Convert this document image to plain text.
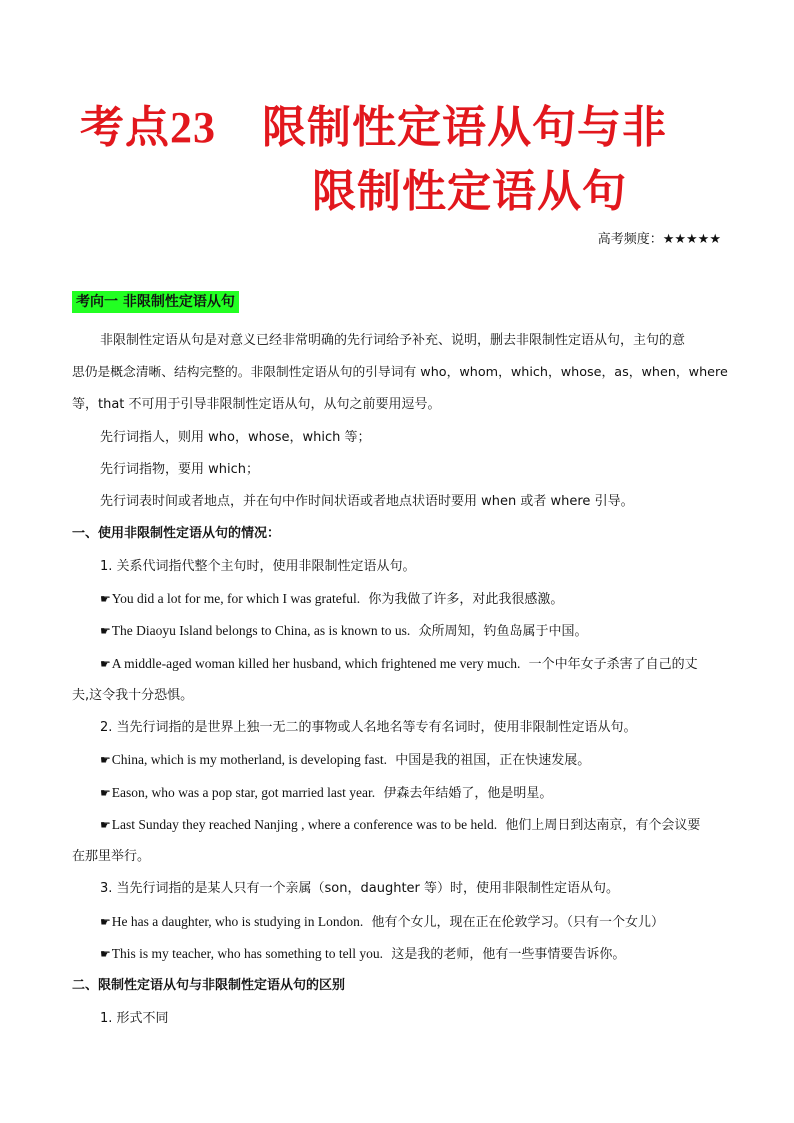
考点23 限制性定语从句与非
限制性定语从句
高考频度：★★★★★
考向一 非限制性定语从句
非限制性定语从句是对意义已经非常明确的先行词给予补充、说明，删去非限制性定语从句，主句的意
思仍是概念清晰、结构完整的。非限制性定语从句的引导词有 who，whom，which，whose，as，when，where
等，that 不可用于引导非限制性定语从句，从句之前要用逗号。
先行词指人，则用 who，whose，which 等；
先行词指物，要用 which；
先行词表时间或者地点，并在句中作时间状语或者地点状语时要用 when 或者 where 引导。
一、使用非限制性定语从句的情况：
1. 关系代词指代整个主句时，使用非限制性定语从句。
☛You did a lot for me, for which I was grateful. 你为我做了许多，对此我很感激。
☛The Diaoyu Island belongs to China, as is known to us. 众所周知，钓鱼岛属于中国。
☛A middle-aged woman killed her husband, which frightened me very much. 一个中年女子杀害了自己的丈
夫,这令我十分恐惧。
2. 当先行词指的是世界上独一无二的事物或人名地名等专有名词时，使用非限制性定语从句。
☛China, which is my motherland, is developing fast. 中国是我的祖国，正在快速发展。
☛Eason, who was a pop star, got married last year. 伊森去年结婚了，他是明星。
☛Last Sunday they reached Nanjing , where a conference was to be held. 他们上周日到达南京，有个会议要
在那里举行。
3. 当先行词指的是某人只有一个亲属（son，daughter 等）时，使用非限制性定语从句。
☛He has a daughter, who is studying in London. 他有个女儿，现在正在伦敦学习。（只有一个女儿）
☛This is my teacher, who has something to tell you. 这是我的老师，他有一些事情要告诉你。
二、限制性定语从句与非限制性定语从句的区别
1. 形式不同
